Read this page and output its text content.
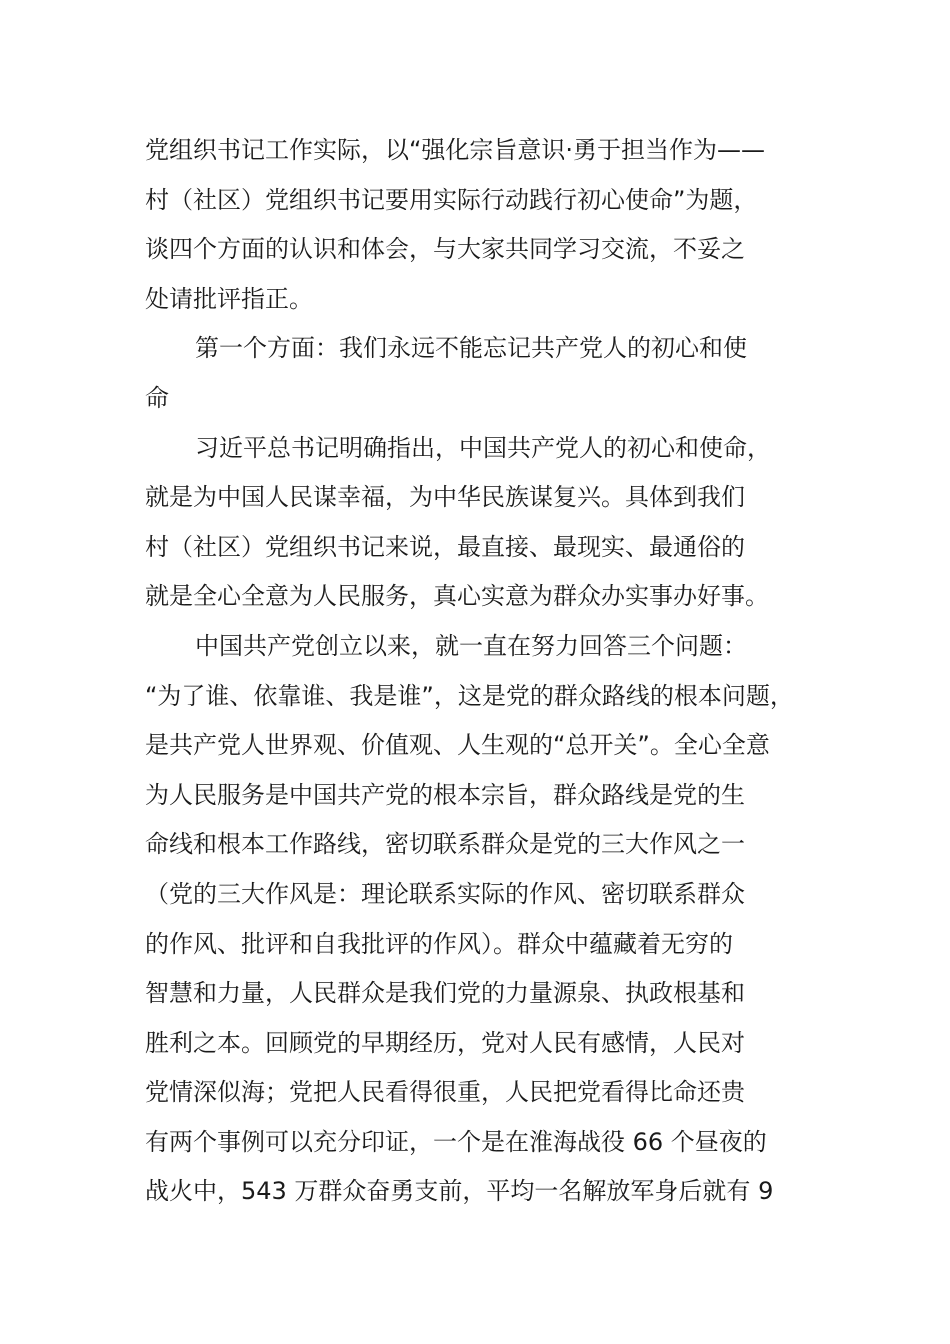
党组织书记工作实际，以“强化宗旨意识·勇于担当作为——
村（社区）党组织书记要用实际行动践行初心使命”为题，
谈四个方面的认识和体会，与大家共同学习交流，不妥之
处请批评指正。
第一个方面：我们永远不能忘记共产党人的初心和使
命
习近平总书记明确指出，中国共产党人的初心和使命，
就是为中国人民谋幸福，为中华民族谋复兴。具体到我们
村（社区）党组织书记来说，最直接、最现实、最通俗的
就是全心全意为人民服务，真心实意为群众办实事办好事。
中国共产党创立以来，就一直在努力回答三个问题：
“为了谁、依靠谁、我是谁”，这是党的群众路线的根本问题，
是共产党人世界观、价值观、人生观的“总开关”。全心全意
为人民服务是中国共产党的根本宗旨，群众路线是党的生
命线和根本工作路线，密切联系群众是党的三大作风之一
（党的三大作风是：理论联系实际的作风、密切联系群众
的作风、批评和自我批评的作风）。群众中蕴藏着无穷的
智慧和力量，人民群众是我们党的力量源泉、执政根基和
胜利之本。回顾党的早期经历，党对人民有感情，人民对
党情深似海；党把人民看得很重，人民把党看得比命还贵
有两个事例可以充分印证，一个是在淮海战役 66 个昼夜的
战火中，543 万群众奋勇支前，平均一名解放军身后就有 9
